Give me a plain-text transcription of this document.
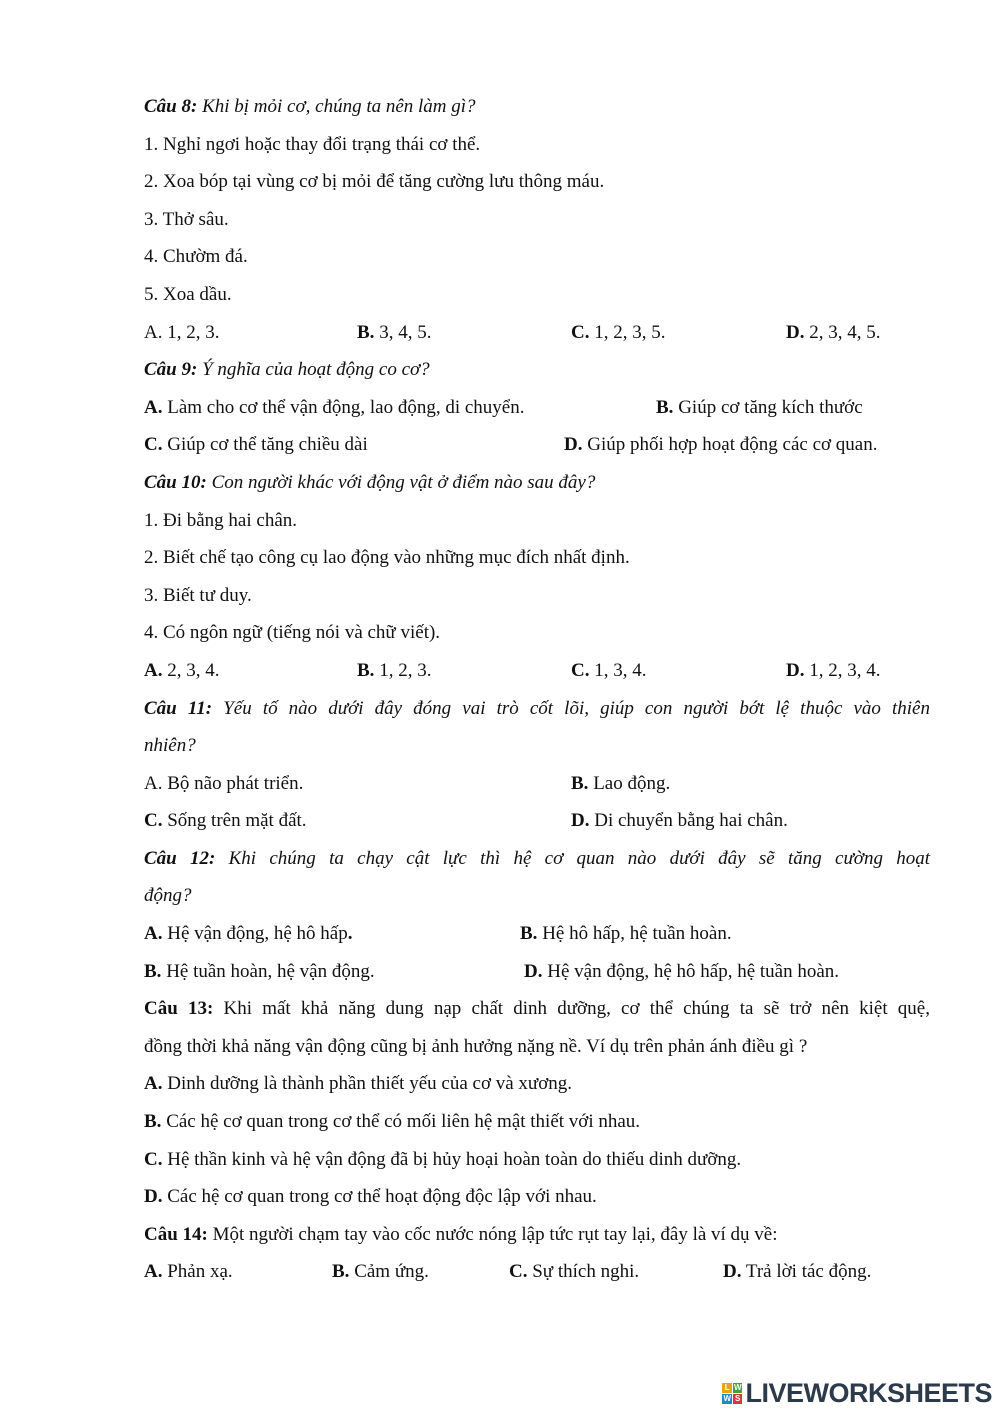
Câu 8: Khi bị mỏi cơ, chúng ta nên làm gì?
1. Nghỉ ngơi hoặc thay đổi trạng thái cơ thể.
2. Xoa bóp tại vùng cơ bị mỏi để tăng cường lưu thông máu.
3. Thở sâu.
4. Chườm đá.
5. Xoa dầu.
A. 1, 2, 3.	B. 3, 4, 5.	C. 1, 2, 3, 5.	D. 2, 3, 4, 5.
Câu 9: Ý nghĩa của hoạt động co cơ?
A. Làm cho cơ thể vận động, lao động, di chuyển.	B. Giúp cơ tăng kích thước
C. Giúp cơ thể tăng chiều dài	D. Giúp phối hợp hoạt động các cơ quan.
Câu 10: Con người khác với động vật ở điểm nào sau đây?
1. Đi bằng hai chân.
2. Biết chế tạo công cụ lao động vào những mục đích nhất định.
3. Biết tư duy.
4. Có ngôn ngữ (tiếng nói và chữ viết).
A. 2, 3, 4.	B. 1, 2, 3.	C. 1, 3, 4.	D. 1, 2, 3, 4.
Câu 11: Yếu tố nào dưới đây đóng vai trò cốt lõi, giúp con người bớt lệ thuộc vào thiên
nhiên?
A. Bộ não phát triển.	B. Lao động.
C. Sống trên mặt đất.	D. Di chuyển bằng hai chân.
Câu 12: Khi chúng ta chạy cật lực thì hệ cơ quan nào dưới đây sẽ tăng cường hoạt
động?
A. Hệ vận động, hệ hô hấp.	B. Hệ hô hấp, hệ tuần hoàn.
B. Hệ tuần hoàn, hệ vận động.	D. Hệ vận động, hệ hô hấp, hệ tuần hoàn.
Câu 13: Khi mất khả năng dung nạp chất dinh dưỡng, cơ thể chúng ta sẽ trở nên kiệt quệ,
đồng thời khả năng vận động cũng bị ảnh hưởng nặng nề. Ví dụ trên phản ánh điều gì ?
A. Dinh dưỡng là thành phần thiết yếu của cơ và xương.
B. Các hệ cơ quan trong cơ thể có mối liên hệ mật thiết với nhau.
C. Hệ thần kinh và hệ vận động đã bị hủy hoại hoàn toàn do thiếu dinh dưỡng.
D. Các hệ cơ quan trong cơ thể hoạt động độc lập với nhau.
Câu 14: Một người chạm tay vào cốc nước nóng lập tức rụt tay lại, đây là ví dụ về:
A. Phản xạ.	B. Cảm ứng.	C. Sự thích nghi.	D. Trả lời tác động.
L W
W S LIVEWORKSHEETS
